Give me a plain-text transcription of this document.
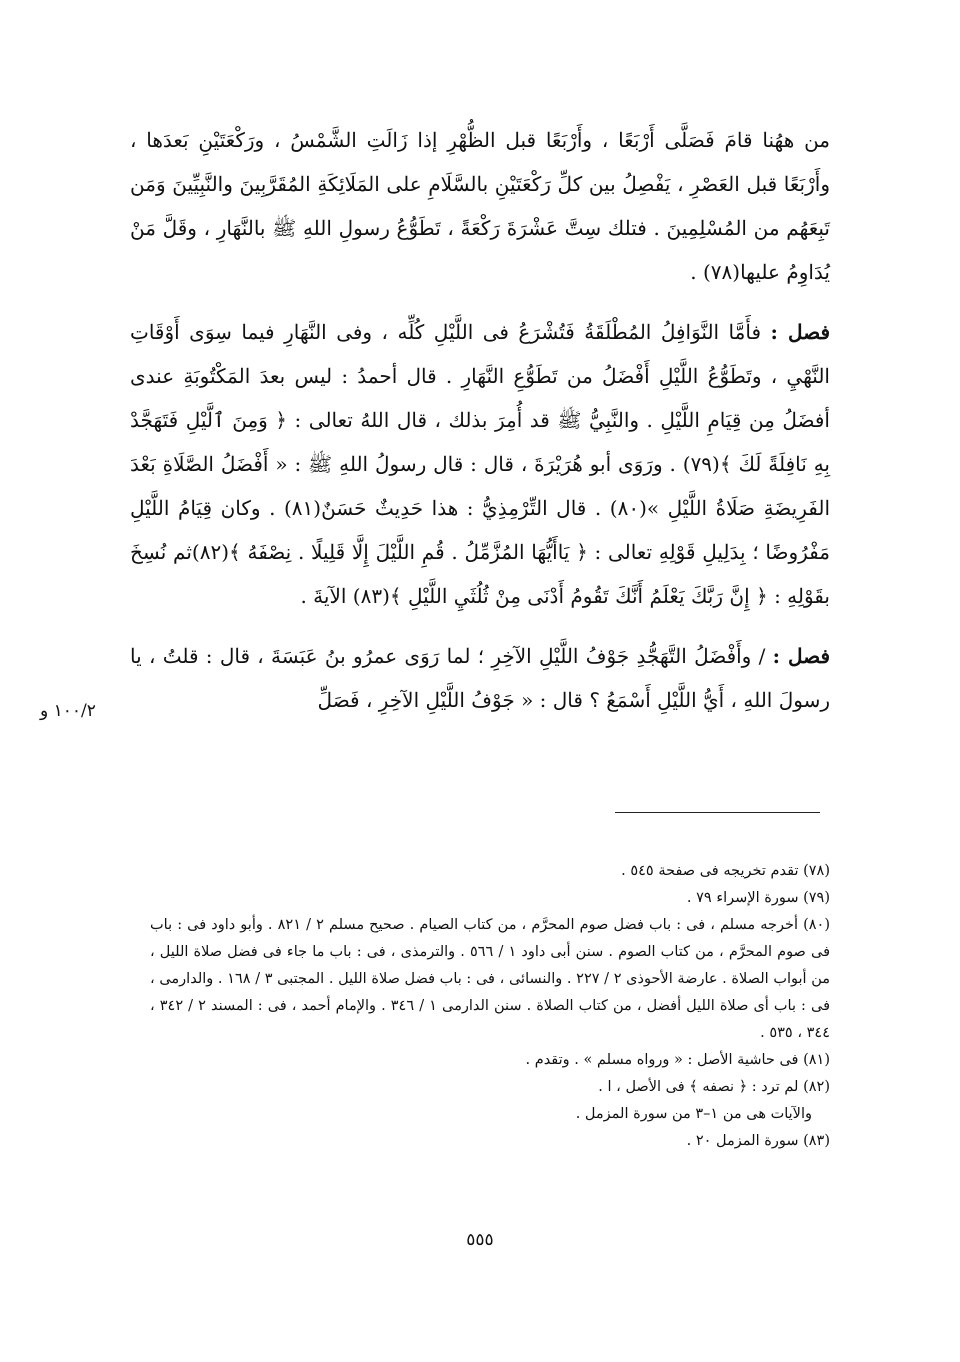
من ههُنا قامَ فَصَلَّى أَرْبَعًا ، وأَرْبَعًا قبل الظُّهْرِ إذا زَالَتِ الشَّمْسُ ، ورَكْعَتَيْنِ بَعدَها ، وأَرْبَعًا قبل العَصْرِ ، يَفْصِلُ بين كلِّ رَكْعَتَيْنِ بالسَّلَامِ على المَلَائِكَةِ المُقَرَّبِينَ والنَّبِيِّينَ وَمَن تَبِعَهُم من المُسْلِمِينَ . فتلك سِتَّ عَشْرَةَ رَكْعَةً ، تَطَوُّعُ رسولِ اللهِ ﷺ بالنَّهَارِ ، وقَلَّ مَنْ يُدَاوِمُ عليها(٧٨) .

فصل : فأَمَّا النَّوَافِلُ المُطْلَقَةُ فَتُشْرَعُ فى اللَّيْلِ كُلِّه ، وفى النَّهَارِ فيما سِوَى أَوْقَاتِ النَّهْيِ ، وتَطَوُّعُ اللَّيْلِ أَفْضَلُ من تَطَوُّعِ النَّهَارِ . قال أحمدُ : ليس بعدَ المَكْتُوبَةِ عندى أفضَلُ مِن قِيَامِ اللَّيْلِ . والنَّبِيُّ ﷺ قد أُمِرَ بذلك ، قال اللهُ تعالى : ﴿ وَمِنَ ٱلَّيْلِ فَتَهَجَّدْ بِهِ نَافِلَةً لَكَ ﴾(٧٩) . ورَوَى أبو هُرَيْرَةَ ، قال : قال رسولُ اللهِ ﷺ : « أَفْضَلُ الصَّلَاةِ بَعْدَ الفَرِيضَةِ صَلَاةُ اللَّيْلِ »(٨٠) . قال التِّرْمِذِيُّ : هذا حَدِيثٌ حَسَنٌ(٨١) . وكان قِيَامُ اللَّيْلِ مَفْرُوضًا ؛ بِدَلِيلِ قَوْلِهِ تعالى : ﴿ يَاأَيُّهَا المُزَّمِّلُ . قُمِ اللَّيْلَ إِلَّا قَلِيلًا . نِصْفَهُ ﴾(٨٢)ثم نُسِخَ بقَوْلِهِ : ﴿ إِنَّ رَبَّكَ يَعْلَمُ أَنَّكَ تَقُومُ أَدْنَى مِنْ ثُلُثَيِ اللَّيْلِ ﴾(٨٣) الآيةَ .

فصل : / وأَفْضَلُ التَّهَجُّدِ جَوْفُ اللَّيْلِ الآخِرِ ؛ لما رَوَى عمرُو بنُ عَبَسَةَ ، قال : قلتُ ، يا رسولَ اللهِ ، أَيُّ اللَّيْلِ أَسْمَعُ ؟ قال : « جَوْفُ اللَّيْلِ الآخِرِ ، فَصَلِّ

١٠٠/٢ و

(٧٨) تقدم تخريجه فى صفحة ٥٤٥ .

(٧٩) سورة الإسراء ٧٩ .

(٨٠) أخرجه مسلم ، فى : باب فضل صوم المحرَّم ، من كتاب الصيام . صحيح مسلم ٢ / ٨٢١ . وأبو داود فى : باب فى صوم المحرَّم ، من كتاب الصوم . سنن أبى داود ١ / ٥٦٦ . والترمذى ، فى : باب ما جاء فى فضل صلاة الليل ، من أبواب الصلاة . عارضة الأحوذى ٢ / ٢٢٧ . والنسائى ، فى : باب فضل صلاة الليل . المجتبى ٣ / ١٦٨ . والدارمى ، فى : باب أى صلاة الليل أفضل ، من كتاب الصلاة . سنن الدارمى ١ / ٣٤٦ . والإمام أحمد ، فى : المسند ٢ / ٣٤٢ ، ٣٤٤ ، ٥٣٥ .

(٨١) فى حاشية الأصل : « ورواه مسلم » . وتقدم .

(٨٢) لم ترد : ﴿ نصفه ﴾ فى الأصل ، ا .

والآيات هى من ١–٣ من سورة المزمل .

(٨٣) سورة المزمل ٢٠ .

٥٥٥
